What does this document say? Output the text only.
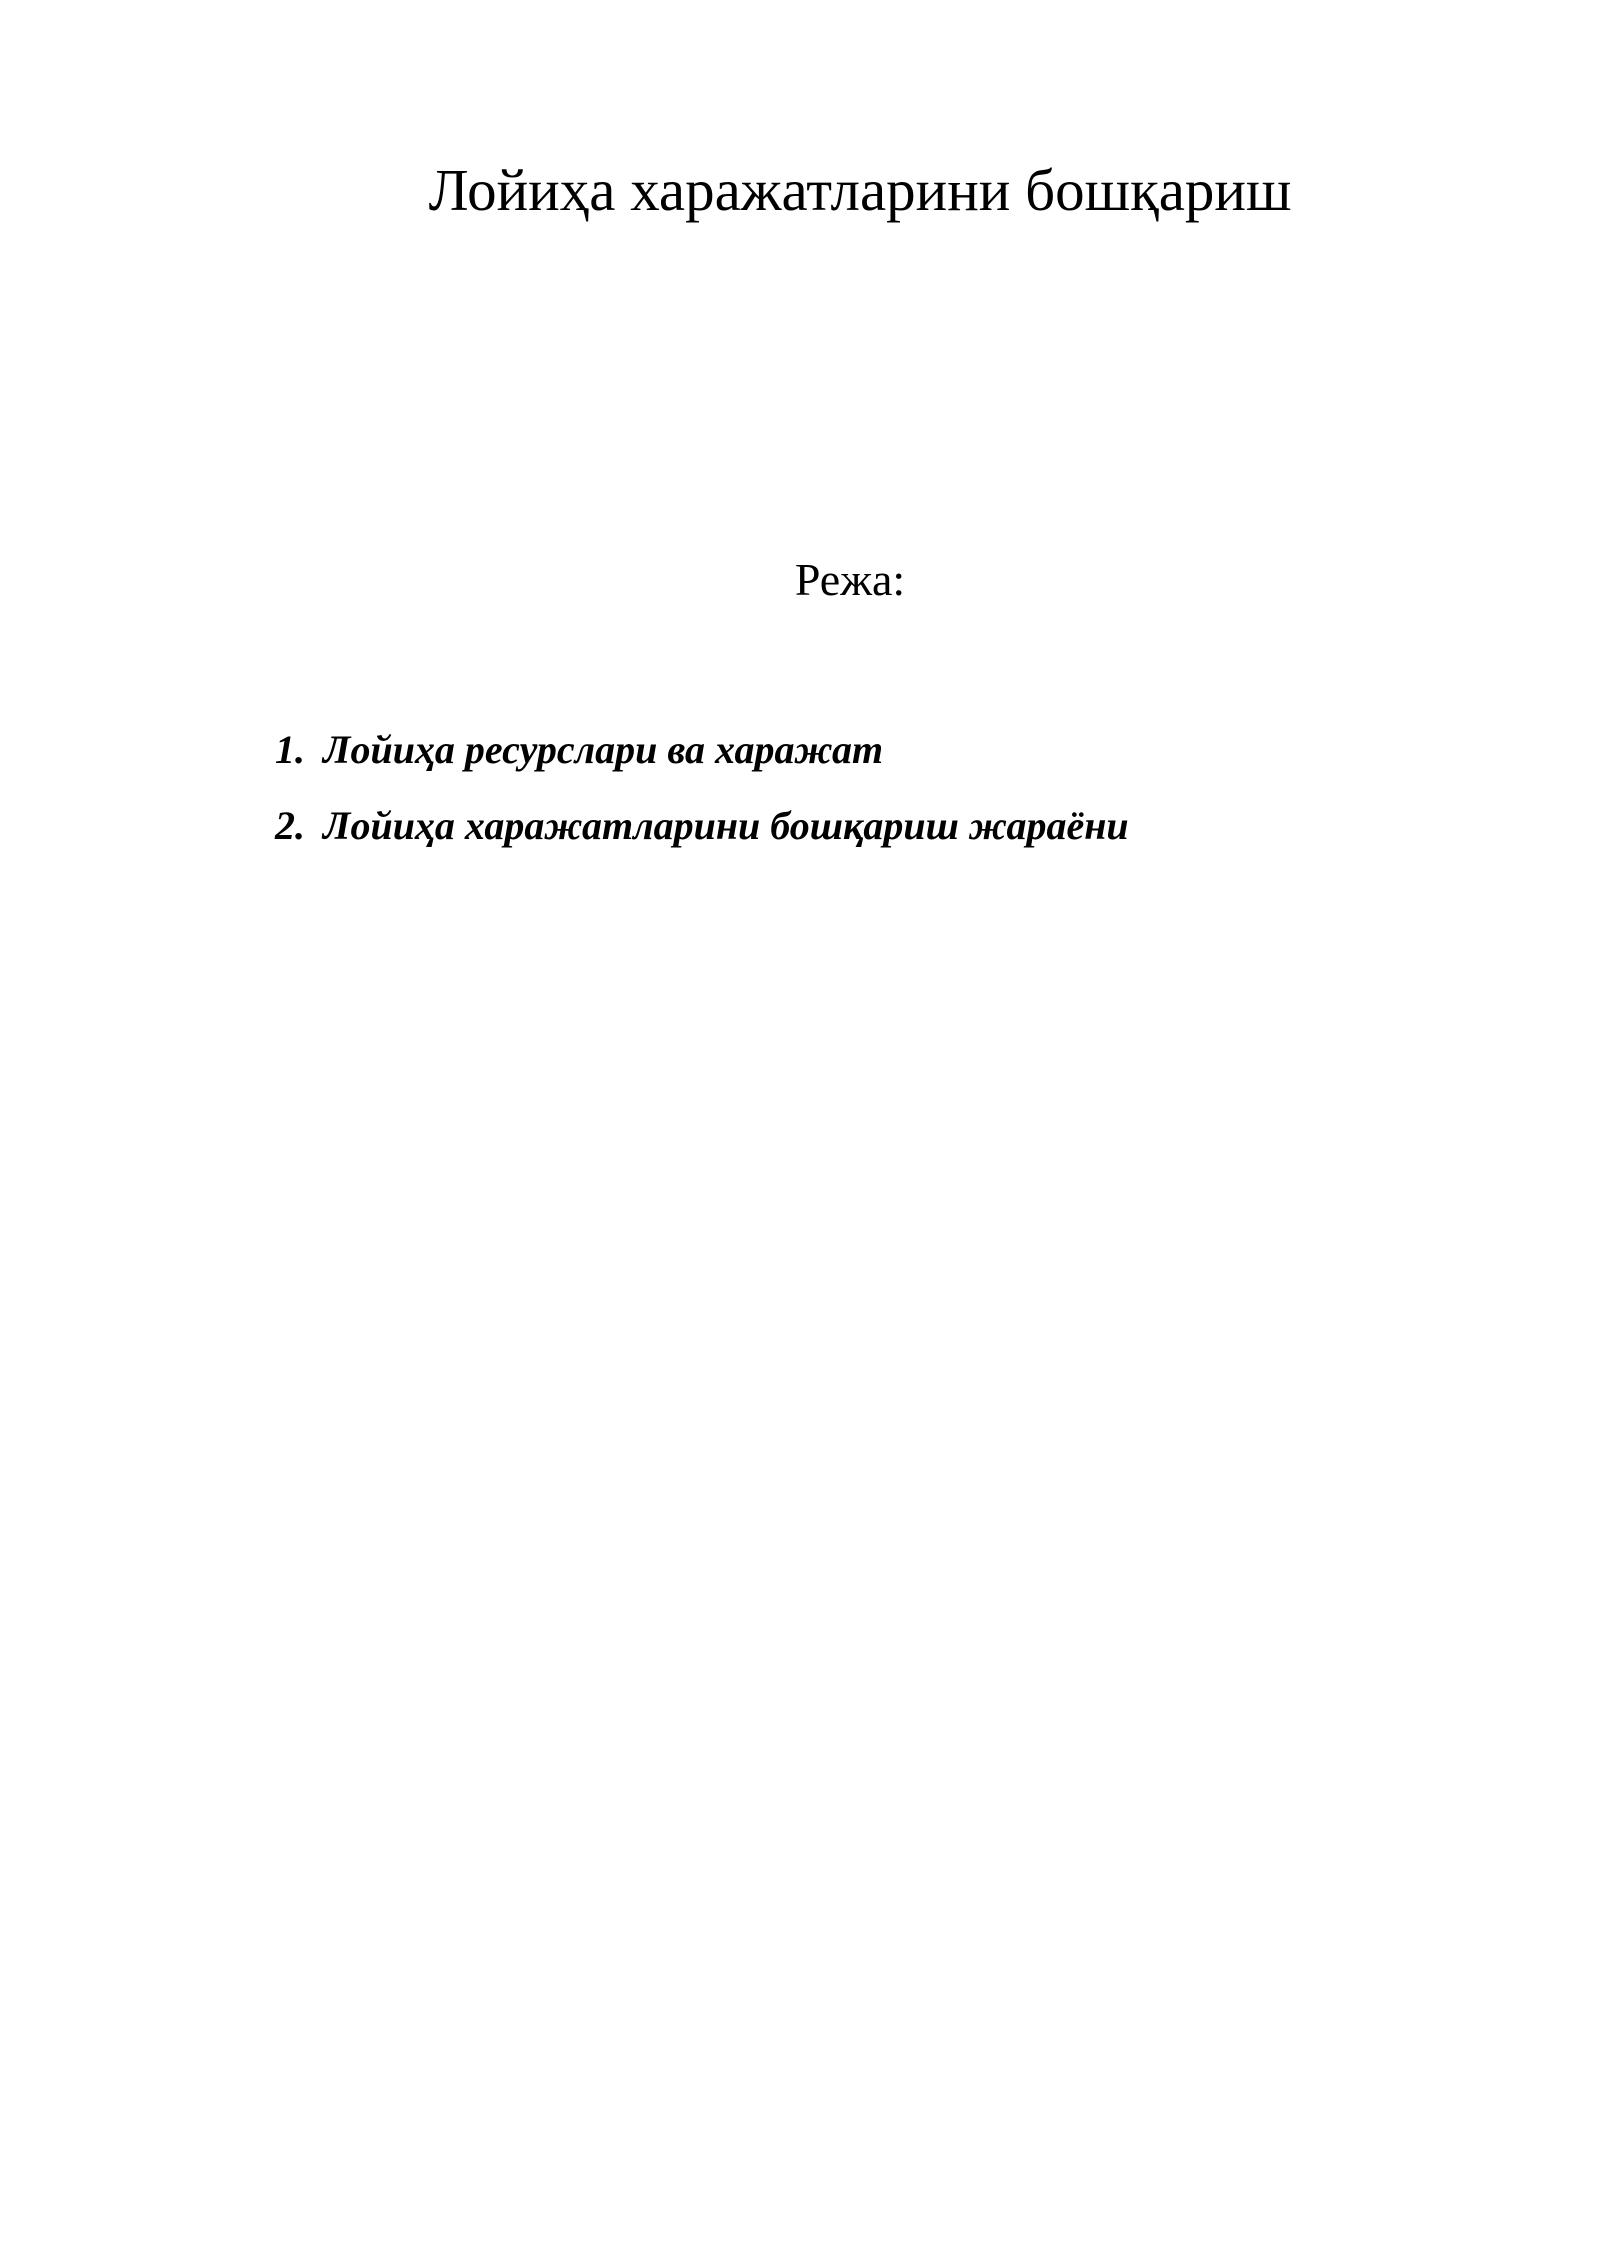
Лойиҳа харажатларини бошқариш
Режа:
1. Лойиҳа ресурслари ва харажат
2. Лойиҳа харажатларини бошқариш жараёни
